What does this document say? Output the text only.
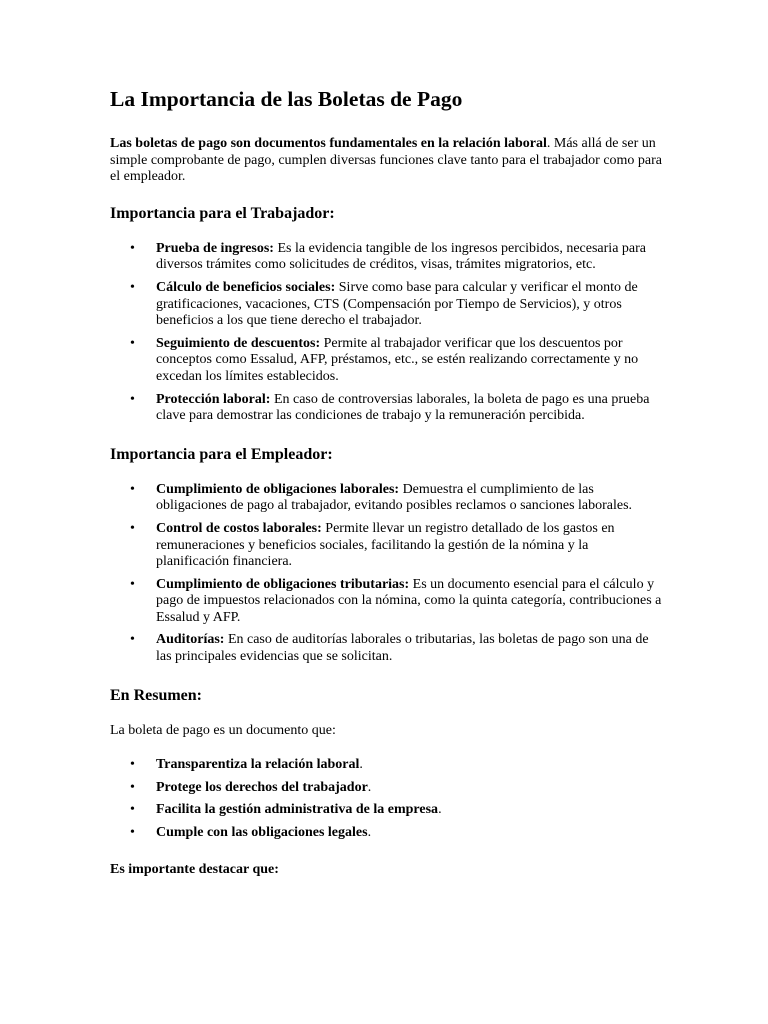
La Importancia de las Boletas de Pago

Las boletas de pago son documentos fundamentales en la relación laboral. Más allá de ser un simple comprobante de pago, cumplen diversas funciones clave tanto para el trabajador como para el empleador.

Importancia para el Trabajador:
• Prueba de ingresos: Es la evidencia tangible de los ingresos percibidos, necesaria para diversos trámites como solicitudes de créditos, visas, trámites migratorios, etc.
• Cálculo de beneficios sociales: Sirve como base para calcular y verificar el monto de gratificaciones, vacaciones, CTS (Compensación por Tiempo de Servicios), y otros beneficios a los que tiene derecho el trabajador.
• Seguimiento de descuentos: Permite al trabajador verificar que los descuentos por conceptos como Essalud, AFP, préstamos, etc., se estén realizando correctamente y no excedan los límites establecidos.
• Protección laboral: En caso de controversias laborales, la boleta de pago es una prueba clave para demostrar las condiciones de trabajo y la remuneración percibida.
Importancia para el Empleador:
• Cumplimiento de obligaciones laborales: Demuestra el cumplimiento de las obligaciones de pago al trabajador, evitando posibles reclamos o sanciones laborales.
• Control de costos laborales: Permite llevar un registro detallado de los gastos en remuneraciones y beneficios sociales, facilitando la gestión de la nómina y la planificación financiera.
• Cumplimiento de obligaciones tributarias: Es un documento esencial para el cálculo y pago de impuestos relacionados con la nómina, como la quinta categoría, contribuciones a Essalud y AFP.
• Auditorías: En caso de auditorías laborales o tributarias, las boletas de pago son una de las principales evidencias que se solicitan.
En Resumen:

La boleta de pago es un documento que:

• Transparentiza la relación laboral.
• Protege los derechos del trabajador.
• Facilita la gestión administrativa de la empresa.
• Cumple con las obligaciones legales.

Es importante destacar que:
